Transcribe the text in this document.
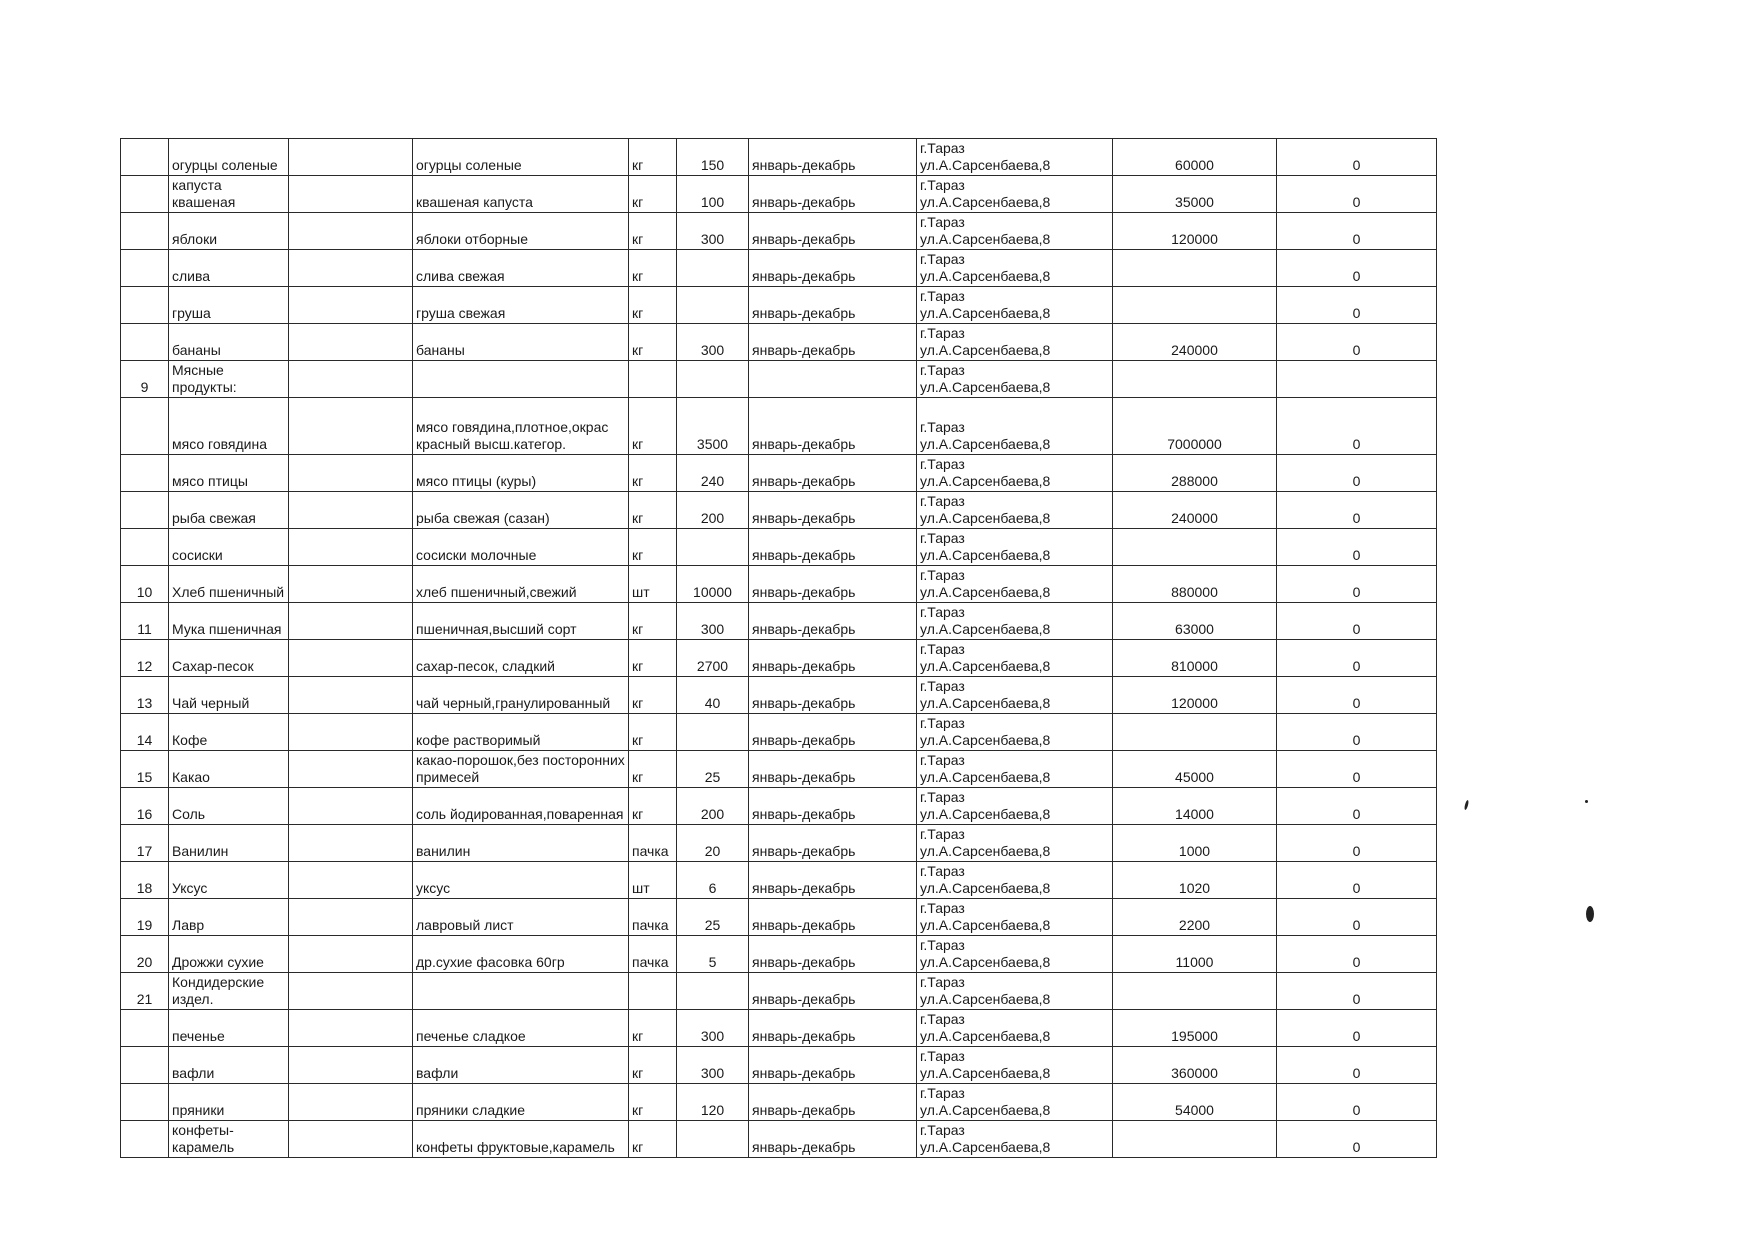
	огурцы соленые		огурцы соленые	кг	150	январь-декабрь	г.Тараз
ул.А.Сарсенбаева,8	60000	0
	капуста квашеная		квашеная капуста	кг	100	январь-декабрь	г.Тараз
ул.А.Сарсенбаева,8	35000	0
	яблоки		яблоки отборные	кг	300	январь-декабрь	г.Тараз
ул.А.Сарсенбаева,8	120000	0
	слива		слива свежая	кг		январь-декабрь	г.Тараз
ул.А.Сарсенбаева,8		0
	груша		груша свежая	кг		январь-декабрь	г.Тараз
ул.А.Сарсенбаева,8		0
	бананы		бананы	кг	300	январь-декабрь	г.Тараз
ул.А.Сарсенбаева,8	240000	0
9	Мясные продукты:						г.Тараз
ул.А.Сарсенбаева,8		

	мясо говядина		мясо говядина,плотное,окрас красный высш.категор.	кг	3500	январь-декабрь	г.Тараз
ул.А.Сарсенбаева,8	7000000	0
	мясо птицы		мясо птицы (куры)	кг	240	январь-декабрь	г.Тараз
ул.А.Сарсенбаева,8	288000	0
	рыба свежая		рыба свежая (сазан)	кг	200	январь-декабрь	г.Тараз
ул.А.Сарсенбаева,8	240000	0
	сосиски		сосиски молочные	кг		январь-декабрь	г.Тараз
ул.А.Сарсенбаева,8		0
10	Хлеб пшеничный		хлеб пшеничный,свежий	шт	10000	январь-декабрь	г.Тараз
ул.А.Сарсенбаева,8	880000	0
11	Мука пшеничная		пшеничная,высший сорт	кг	300	январь-декабрь	г.Тараз
ул.А.Сарсенбаева,8	63000	0
12	Сахар-песок		сахар-песок, сладкий	кг	2700	январь-декабрь	г.Тараз
ул.А.Сарсенбаева,8	810000	0
13	Чай черный		чай черный,гранулированный	кг	40	январь-декабрь	г.Тараз
ул.А.Сарсенбаева,8	120000	0
14	Кофе		кофе растворимый	кг		январь-декабрь	г.Тараз
ул.А.Сарсенбаева,8		0
15	Какао		какао-порошок,без посторонних примесей	кг	25	январь-декабрь	г.Тараз
ул.А.Сарсенбаева,8	45000	0
16	Соль		соль йодированная,поваренная	кг	200	январь-декабрь	г.Тараз
ул.А.Сарсенбаева,8	14000	0
17	Ванилин		ванилин	пачка	20	январь-декабрь	г.Тараз
ул.А.Сарсенбаева,8	1000	0
18	Уксус		уксус	шт	6	январь-декабрь	г.Тараз
ул.А.Сарсенбаева,8	1020	0
19	Лавр		лавровый лист	пачка	25	январь-декабрь	г.Тараз
ул.А.Сарсенбаева,8	2200	0
20	Дрожжи сухие		др.сухие фасовка 60гр	пачка	5	январь-декабрь	г.Тараз
ул.А.Сарсенбаева,8	11000	0
21	Кондидерские издел.					январь-декабрь	г.Тараз
ул.А.Сарсенбаева,8		0
	печенье		печенье сладкое	кг	300	январь-декабрь	г.Тараз
ул.А.Сарсенбаева,8	195000	0
	вафли		вафли	кг	300	январь-декабрь	г.Тараз
ул.А.Сарсенбаева,8	360000	0
	пряники		пряники сладкие	кг	120	январь-декабрь	г.Тараз
ул.А.Сарсенбаева,8	54000	0
	конфеты-карамель		конфеты фруктовые,карамель	кг		январь-декабрь	г.Тараз
ул.А.Сарсенбаева,8		0
